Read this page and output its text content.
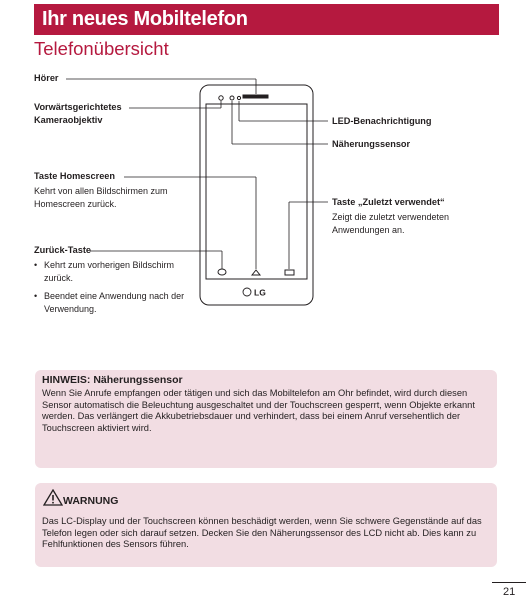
Ihr neues Mobiltelefon
Telefonübersicht
LG
Hörer
Vorwärtsgerichtetes
Kameraobjektiv	LED-Benachrichtigung
Näherungssensor
Taste Homescreen
Kehrt von allen Bildschirmen zum Homescreen zurück.	Taste „Zuletzt verwendet“
Zeigt die zuletzt verwendeten Anwendungen an.
Zurück-Taste
• Kehrt zum vorherigen Bildschirm zurück.
• Beendet eine Anwendung nach der Verwendung.
HINWEIS: Näherungssensor
Wenn Sie Anrufe empfangen oder tätigen und sich das Mobiltelefon am Ohr befindet, wird durch diesen Sensor automatisch die Beleuchtung ausgeschaltet und der Touchscreen gesperrt, wenn Objekte erkannt werden. Das verlängert die Akkubetriebsdauer und verhindert, dass bei einem Anruf versehentlich der Touchscreen aktiviert wird.
WARNUNG
Das LC-Display und der Touchscreen können beschädigt werden, wenn Sie schwere Gegenstände auf das Telefon legen oder sich darauf setzen. Decken Sie den Näherungssensor des LCD nicht ab. Dies kann zu Fehlfunktionen des Sensors führen.
21
